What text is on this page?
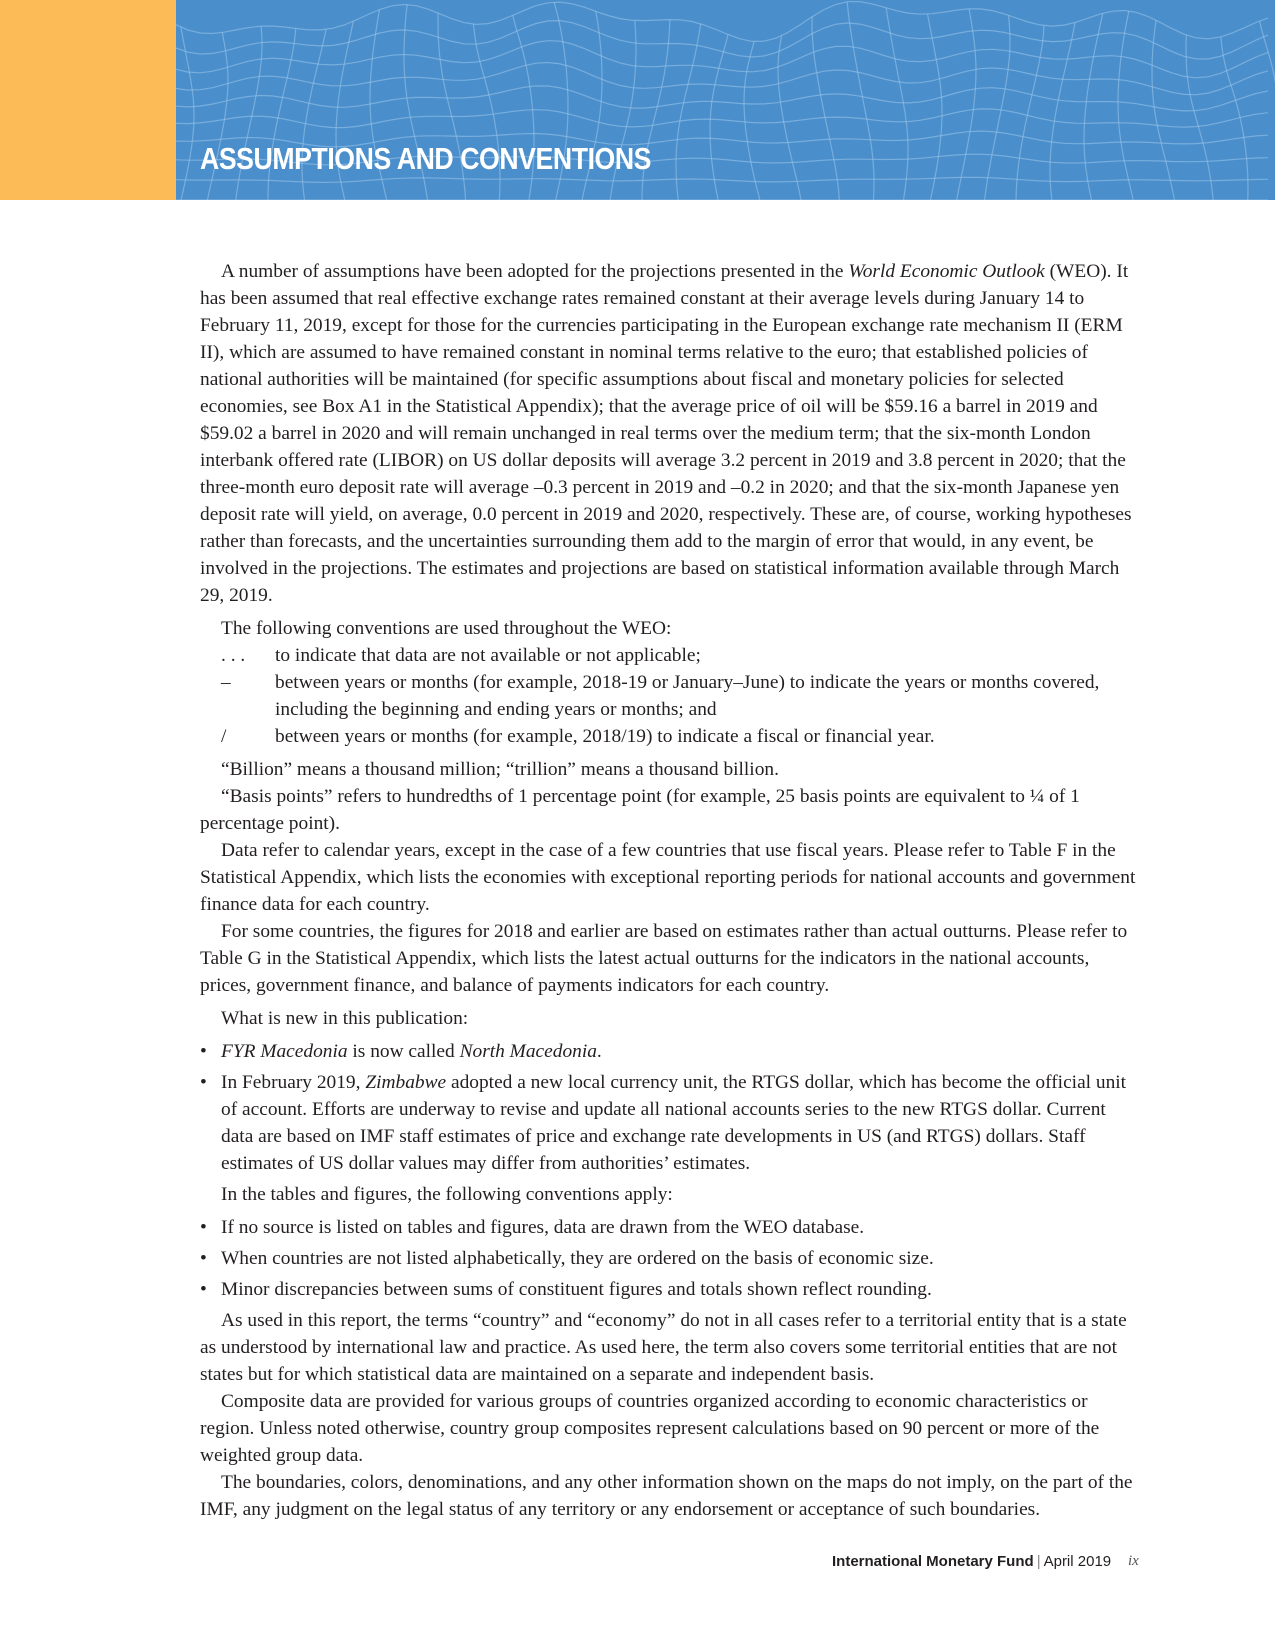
ASSUMPTIONS AND CONVENTIONS

A number of assumptions have been adopted for the projections presented in the World Economic Outlook (WEO). It has been assumed that real effective exchange rates remained constant at their average levels during January 14 to February 11, 2019, except for those for the currencies participating in the European exchange rate mechanism II (ERM II), which are assumed to have remained constant in nominal terms relative to the euro; that established policies of national authorities will be maintained (for specific assumptions about fiscal and monetary policies for selected economies, see Box A1 in the Statistical Appendix); that the average price of oil will be $59.16 a barrel in 2019 and $59.02 a barrel in 2020 and will remain unchanged in real terms over the medium term; that the six-month London interbank offered rate (LIBOR) on US dollar deposits will average 3.2 percent in 2019 and 3.8 percent in 2020; that the three-month euro deposit rate will average –0.3 percent in 2019 and –0.2 in 2020; and that the six-month Japanese yen deposit rate will yield, on average, 0.0 percent in 2019 and 2020, respectively. These are, of course, working hypotheses rather than forecasts, and the uncertainties surrounding them add to the margin of error that would, in any event, be involved in the projections. The estimates and projections are based on statistical information available through March 29, 2019.

The following conventions are used throughout the WEO:

. . .	to indicate that data are not available or not applicable;
–	between years or months (for example, 2018-19 or January–June) to indicate the years or months covered, including the beginning and ending years or months; and
/	between years or months (for example, 2018/19) to indicate a fiscal or financial year.

“Billion” means a thousand million; “trillion” means a thousand billion.

“Basis points” refers to hundredths of 1 percentage point (for example, 25 basis points are equivalent to ¼ of 1 percentage point).

Data refer to calendar years, except in the case of a few countries that use fiscal years. Please refer to Table F in the Statistical Appendix, which lists the economies with exceptional reporting periods for national accounts and government finance data for each country.

For some countries, the figures for 2018 and earlier are based on estimates rather than actual outturns. Please refer to Table G in the Statistical Appendix, which lists the latest actual outturns for the indicators in the national accounts, prices, government finance, and balance of payments indicators for each country.

What is new in this publication:

• FYR Macedonia is now called North Macedonia.
• In February 2019, Zimbabwe adopted a new local currency unit, the RTGS dollar, which has become the official unit of account. Efforts are underway to revise and update all national accounts series to the new RTGS dollar. Current data are based on IMF staff estimates of price and exchange rate developments in US (and RTGS) dollars. Staff estimates of US dollar values may differ from authorities’ estimates.

In the tables and figures, the following conventions apply:

• If no source is listed on tables and figures, data are drawn from the WEO database.
• When countries are not listed alphabetically, they are ordered on the basis of economic size.
• Minor discrepancies between sums of constituent figures and totals shown reflect rounding.

As used in this report, the terms “country” and “economy” do not in all cases refer to a territorial entity that is a state as understood by international law and practice. As used here, the term also covers some territorial entities that are not states but for which statistical data are maintained on a separate and independent basis.

Composite data are provided for various groups of countries organized according to economic characteristics or region. Unless noted otherwise, country group composites represent calculations based on 90 percent or more of the weighted group data.

The boundaries, colors, denominations, and any other information shown on the maps do not imply, on the part of the IMF, any judgment on the legal status of any territory or any endorsement or acceptance of such boundaries.

International Monetary Fund | April 2019 ix
